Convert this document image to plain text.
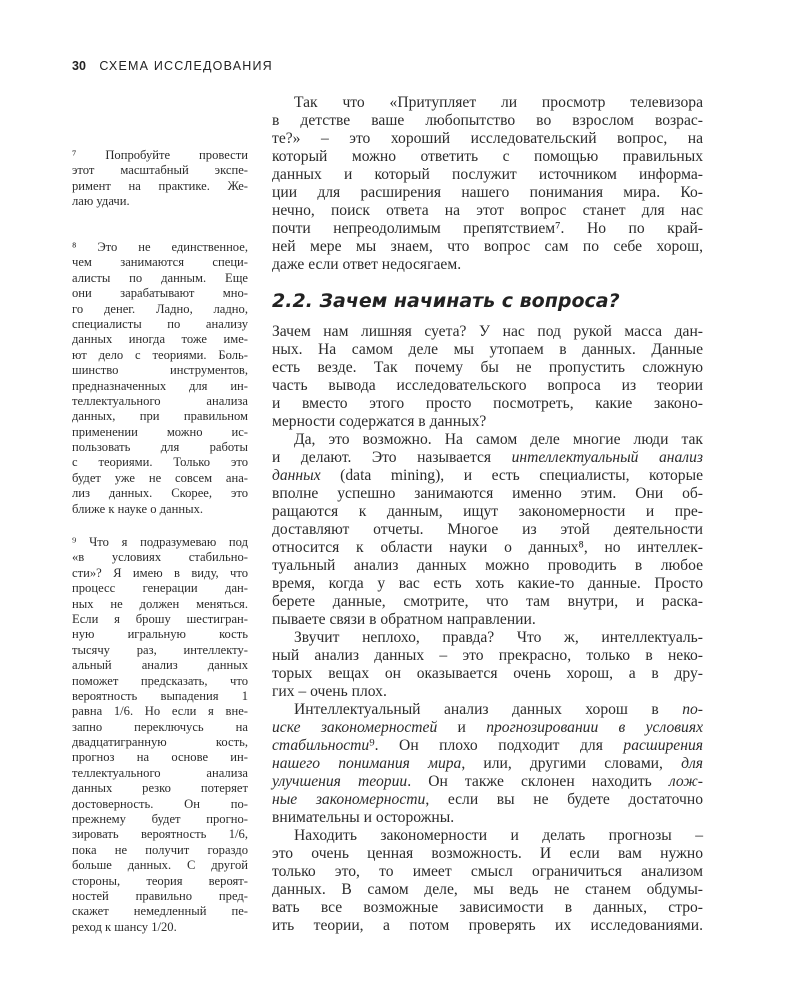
30 СХЕМА ИССЛЕДОВАНИЯ
Так что «Притупляет ли просмотр телевизора
в детстве ваше любопытство во взрослом возрас-
те?» – это хороший исследовательский вопрос, на
который можно ответить с помощью правильных
данных и который послужит источником информа-
ции для расширения нашего понимания мира. Ко-
нечно, поиск ответа на этот вопрос станет для нас
почти непреодолимым препятствием⁷. Но по край-
ней мере мы знаем, что вопрос сам по себе хорош,
даже если ответ недосягаем.
2.2. Зачем начинать с вопроса?
Зачем нам лишняя суета? У нас под рукой масса дан-
ных. На самом деле мы утопаем в данных. Данные
есть везде. Так почему бы не пропустить сложную
часть вывода исследовательского вопроса из теории
и вместо этого просто посмотреть, какие законо-
мерности содержатся в данных?
Да, это возможно. На самом деле многие люди так
и делают. Это называется интеллектуальный анализ
данных (data mining), и есть специалисты, которые
вполне успешно занимаются именно этим. Они об-
ращаются к данным, ищут закономерности и пре-
доставляют отчеты. Многое из этой деятельности
относится к области науки о данных⁸, но интеллек-
туальный анализ данных можно проводить в любое
время, когда у вас есть хоть какие-то данные. Просто
берете данные, смотрите, что там внутри, и раска-
пываете связи в обратном направлении.
Звучит неплохо, правда? Что ж, интеллектуаль-
ный анализ данных – это прекрасно, только в неко-
торых вещах он оказывается очень хорош, а в дру-
гих – очень плох.
Интеллектуальный анализ данных хорош в по-
иске закономерностей и прогнозировании в условиях
стабильности⁹. Он плохо подходит для расширения
нашего понимания мира, или, другими словами, для
улучшения теории. Он также склонен находить лож-
ные закономерности, если вы не будете достаточно
внимательны и осторожны.
Находить закономерности и делать прогнозы –
это очень ценная возможность. И если вам нужно
только это, то имеет смысл ограничиться анализом
данных. В самом деле, мы ведь не станем обдумы-
вать все возможные зависимости в данных, стро-
ить теории, а потом проверять их исследованиями.
⁷ Попробуйте провести
этот масштабный экспе-
римент на практике. Же-
лаю удачи.
⁸ Это не единственное,
чем занимаются специ-
алисты по данным. Еще
они зарабатывают мно-
го денег. Ладно, ладно,
специалисты по анализу
данных иногда тоже име-
ют дело с теориями. Боль-
шинство инструментов,
предназначенных для ин-
теллектуального анализа
данных, при правильном
применении можно ис-
пользовать для работы
с теориями. Только это
будет уже не совсем ана-
лиз данных. Скорее, это
ближе к науке о данных.
⁹ Что я подразумеваю под
«в условиях стабильно-
сти»? Я имею в виду, что
процесс генерации дан-
ных не должен меняться.
Если я брошу шестигран-
ную игральную кость
тысячу раз, интеллекту-
альный анализ данных
поможет предсказать, что
вероятность выпадения 1
равна 1/6. Но если я вне-
запно переключусь на
двадцатигранную кость,
прогноз на основе ин-
теллектуального анализа
данных резко потеряет
достоверность. Он по-
прежнему будет прогно-
зировать вероятность 1/6,
пока не получит гораздо
больше данных. С другой
стороны, теория вероят-
ностей правильно пред-
скажет немедленный пе-
реход к шансу 1/20.
